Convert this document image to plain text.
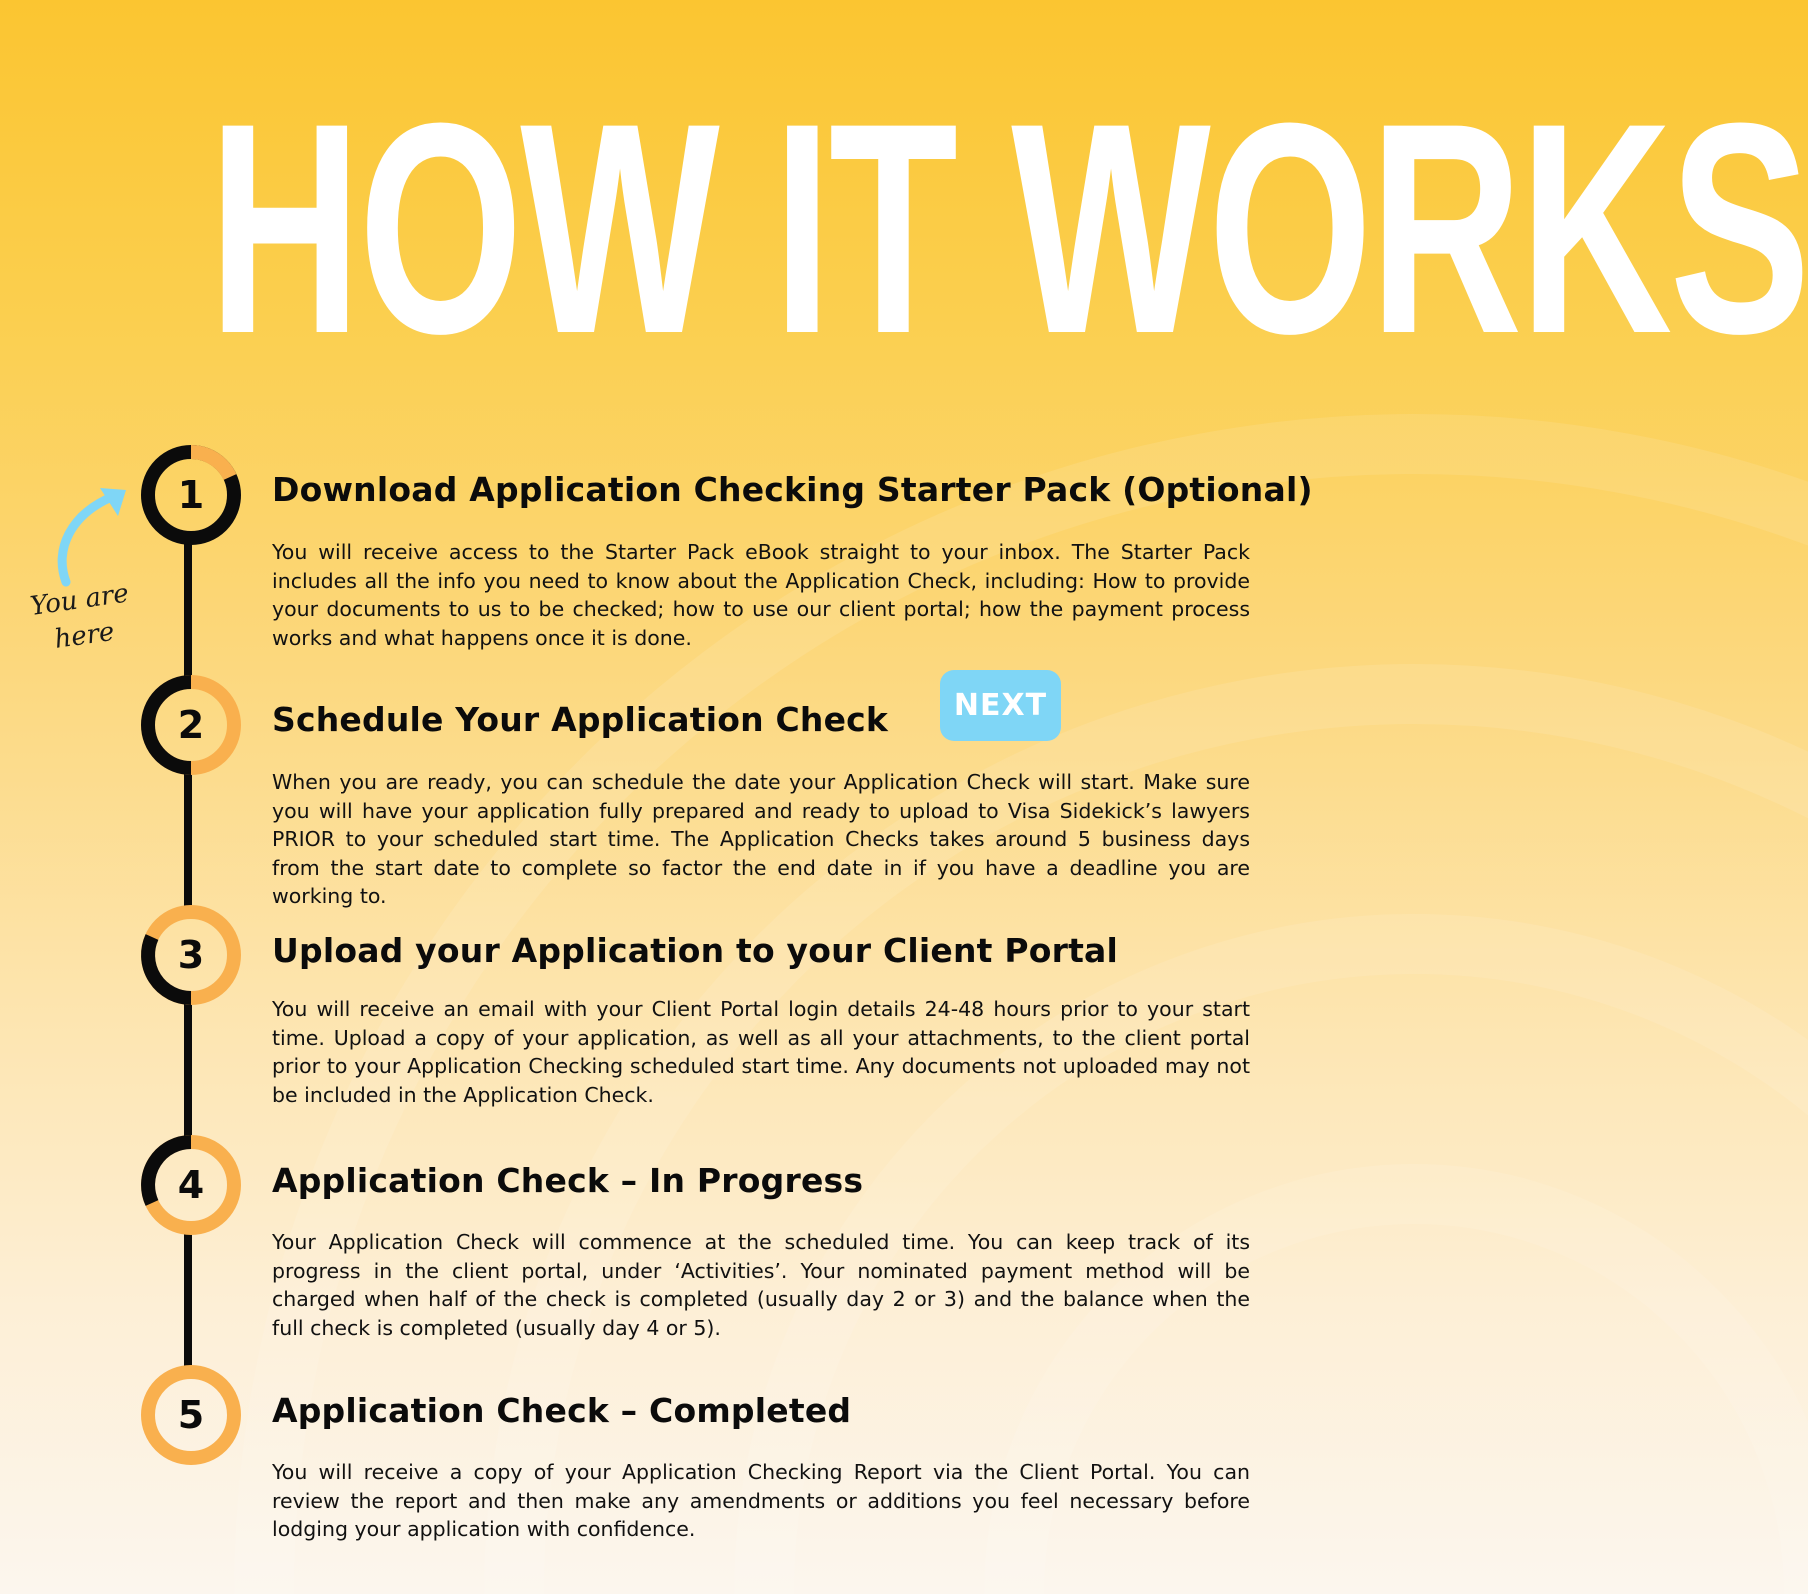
HOW IT WORKS
1
2
3
4
5
Download Application Checking Starter Pack (Optional)
You will receive access to the Starter Pack eBook straight to your inbox. The Starter Pack includes all the info you need to know about the Application Check, including: How to provide your documents to us to be checked; how to use our client portal; how the payment process works and what happens once it is done.
Schedule Your Application Check
When you are ready, you can schedule the date your Application Check will start. Make sure you will have your application fully prepared and ready to upload to Visa Sidekick’s lawyers PRIOR to your scheduled start time. The Application Checks takes around 5 business days from the start date to complete so factor the end date in if you have a deadline you are working to.
Upload your Application to your Client Portal
You will receive an email with your Client Portal login details 24-48 hours prior to your start time. Upload a copy of your application, as well as all your attachments, to the client portal prior to your Application Checking scheduled start time. Any documents not uploaded may not be included in the Application Check.
Application Check – In Progress
Your Application Check will commence at the scheduled time. You can keep track of its progress in the client portal, under ‘Activities’. Your nominated payment method will be charged when half of the check is completed (usually day 2 or 3) and the balance when the full check is completed (usually day 4 or 5).
Application Check – Completed
You will receive a copy of your Application Checking Report via the Client Portal. You can review the report and then make any amendments or additions you feel necessary before lodging your application with confidence.
NEXT
You are
here
